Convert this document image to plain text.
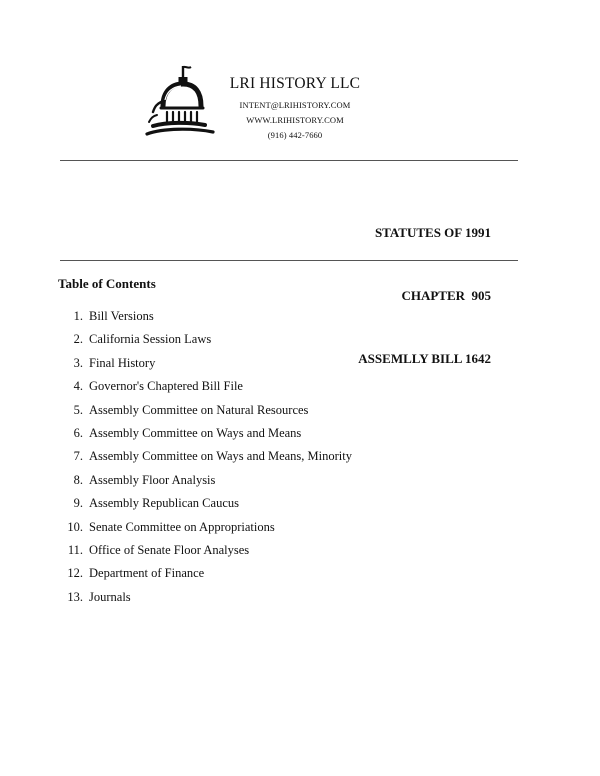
LRI HISTORY LLC
INTENT@LRIHISTORY.COM
WWW.LRIHISTORY.COM
(916) 442-7660

STATUTES OF 1991

CHAPTER  905

ASSEMLLY BILL 1642

Table of Contents
1. Bill Versions
2. California Session Laws
3. Final History
4. Governor's Chaptered Bill File
5. Assembly Committee on Natural Resources
6. Assembly Committee on Ways and Means
7. Assembly Committee on Ways and Means, Minority
8. Assembly Floor Analysis
9. Assembly Republican Caucus
10. Senate Committee on Appropriations
11. Office of Senate Floor Analyses
12. Department of Finance
13. Journals
